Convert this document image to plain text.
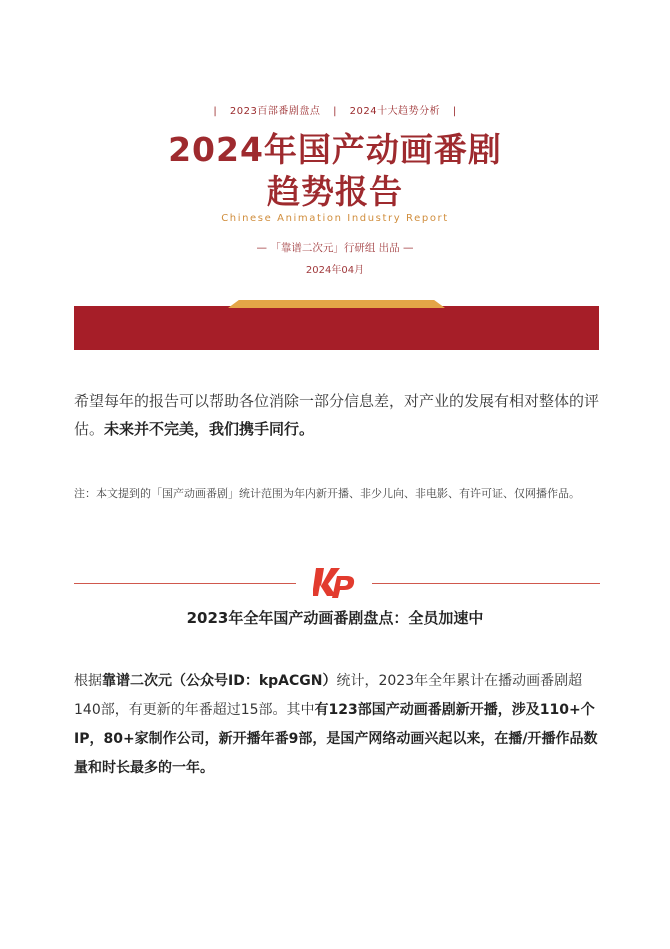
| 2023百部番剧盘点 | 2024十大趋势分析 |
2024年国产动画番剧
趋势报告
Chinese Animation Industry Report
— 「靠谱二次元」行研组 出品 —
2024年04月
希望每年的报告可以帮助各位消除一部分信息差，对产业的发展有相对整体的评估。未来并不完美，我们携手同行。
注：本文提到的「国产动画番剧」统计范围为年内新开播、非少儿向、非电影、有许可证、仅网播作品。
2023年全年国产动画番剧盘点：全员加速中
根据靠谱二次元（公众号ID：kpACGN）统计，2023年全年累计在播动画番剧超140部，有更新的年番超过15部。其中有123部国产动画番剧新开播，涉及110+个IP，80+家制作公司，新开播年番9部，是国产网络动画兴起以来，在播/开播作品数量和时长最多的一年。
